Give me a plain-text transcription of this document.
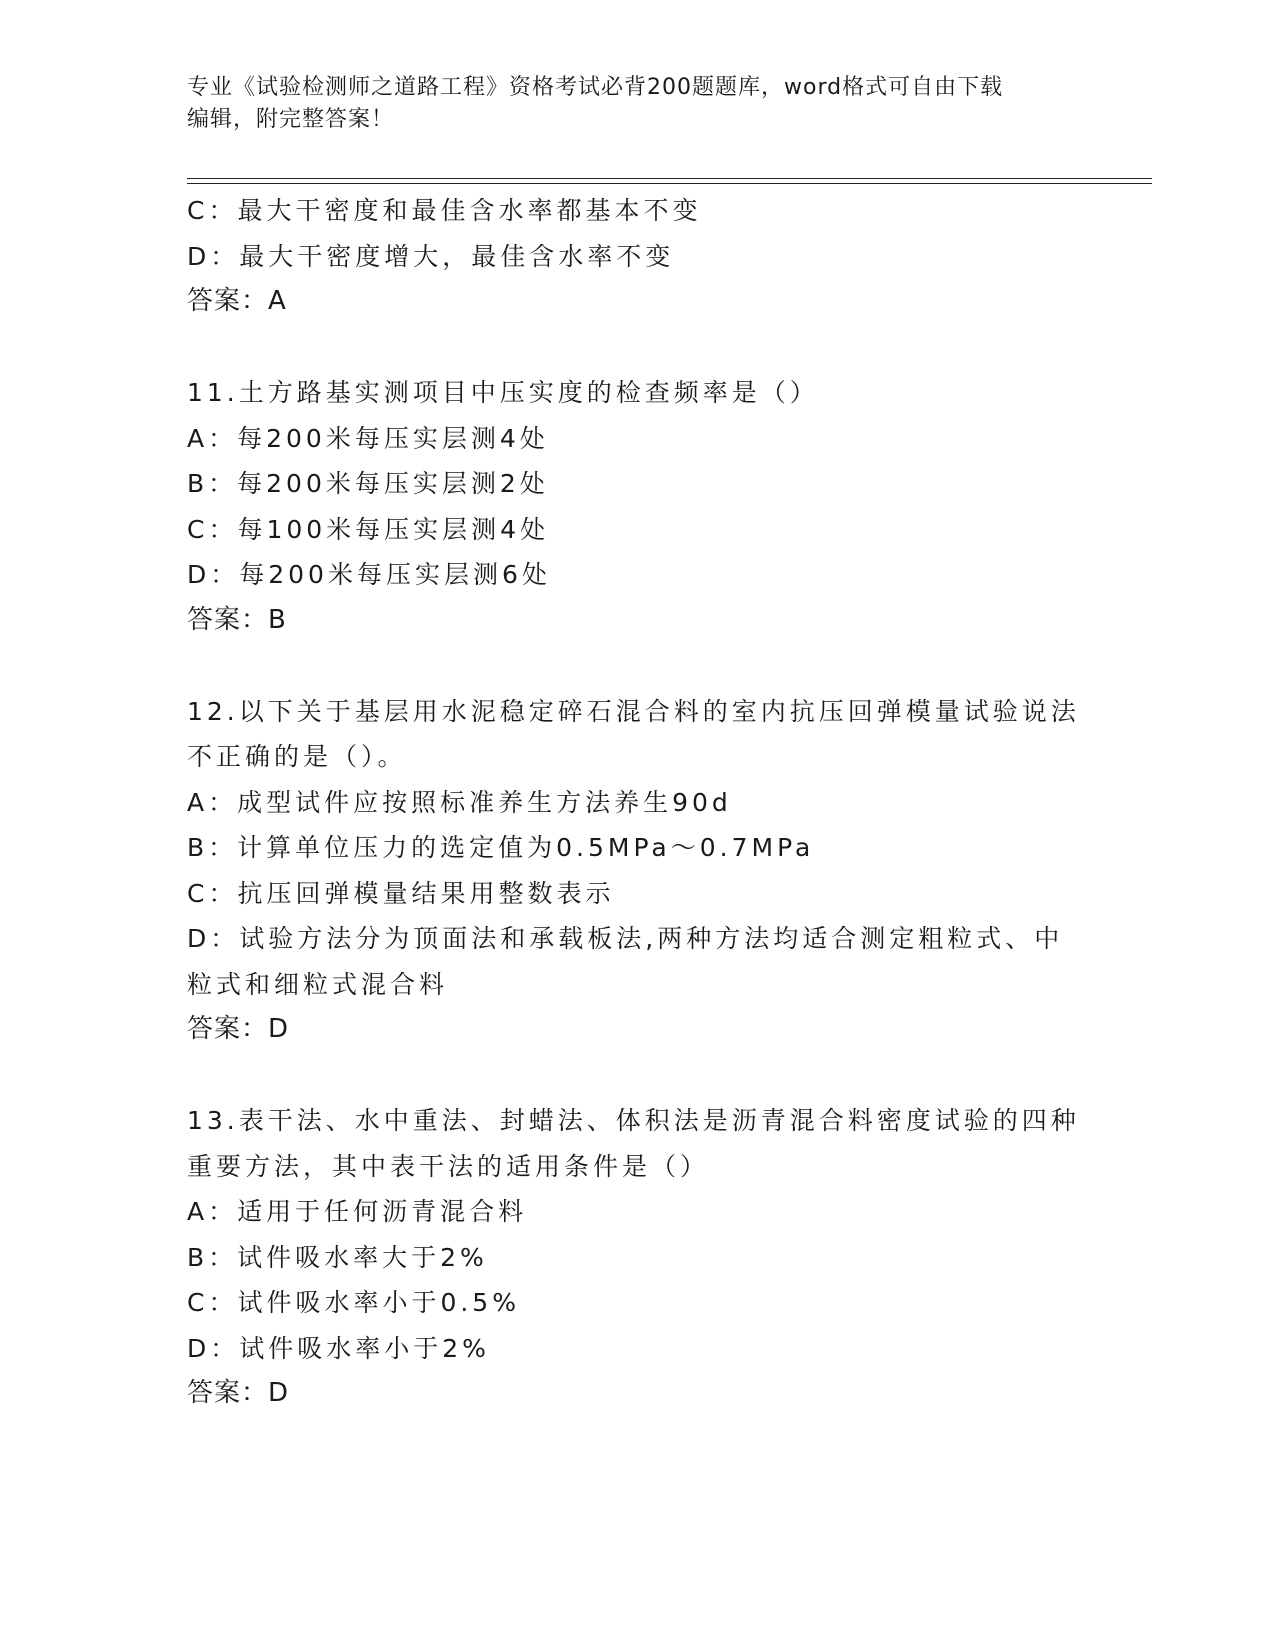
专业《试验检测师之道路工程》资格考试必背200题题库，word格式可自由下载
编辑，附完整答案！
C：最大干密度和最佳含水率都基本不变
D：最大干密度增大，最佳含水率不变
答案：A
11.土方路基实测项目中压实度的检查频率是（）
A：每200米每压实层测4处
B：每200米每压实层测2处
C：每100米每压实层测4处
D：每200米每压实层测6处
答案：B
12.以下关于基层用水泥稳定碎石混合料的室内抗压回弹模量试验说法
不正确的是（）。
A：成型试件应按照标准养生方法养生90d
B：计算单位压力的选定值为0.5MPa～0.7MPa
C：抗压回弹模量结果用整数表示
D：试验方法分为顶面法和承载板法,两种方法均适合测定粗粒式、中
粒式和细粒式混合料
答案：D
13.表干法、水中重法、封蜡法、体积法是沥青混合料密度试验的四种
重要方法，其中表干法的适用条件是（）
A：适用于任何沥青混合料
B：试件吸水率大于2%
C：试件吸水率小于0.5%
D：试件吸水率小于2%
答案：D
